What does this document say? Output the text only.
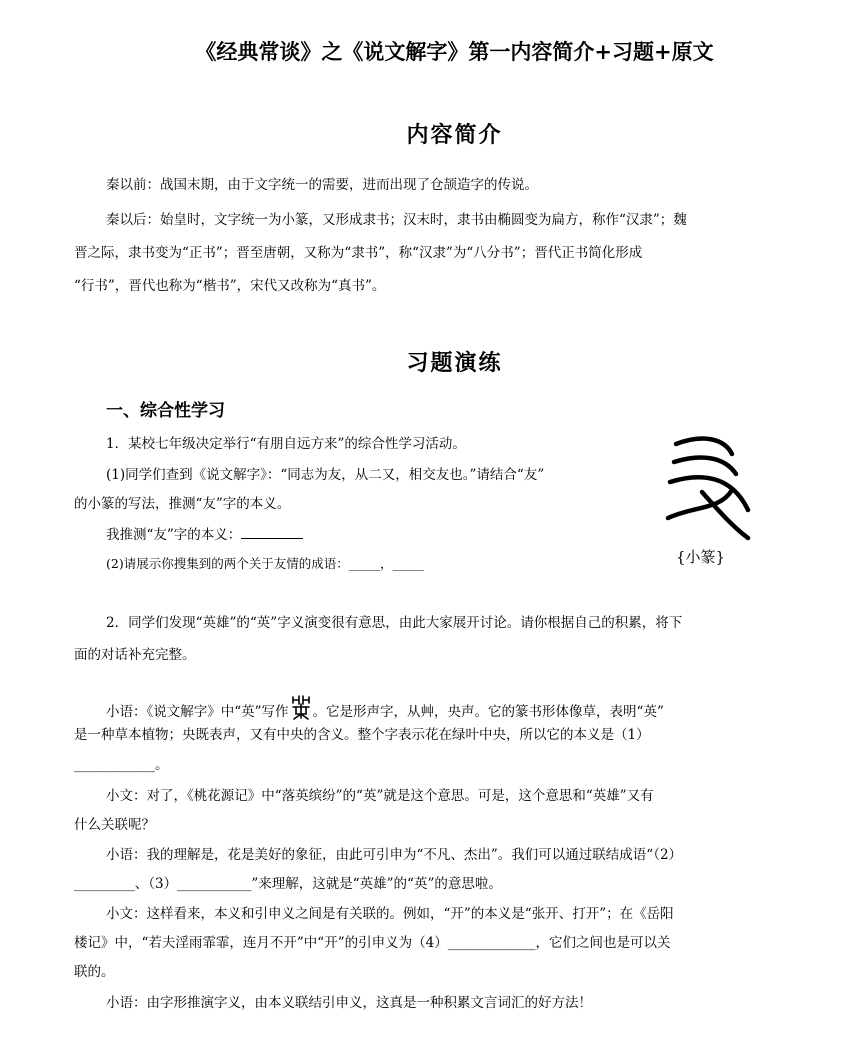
《经典常谈》之《说文解字》第一内容简介+习题+原文
内容简介
秦以前：战国末期，由于文字统一的需要，进而出现了仓颉造字的传说。
秦以后：始皇时，文字统一为小篆，又形成隶书；汉末时，隶书由椭圆变为扁方，称作“汉隶”；魏
晋之际，隶书变为“正书”；晋至唐朝，又称为“隶书”，称“汉隶”为“八分书”；晋代正书简化形成
“行书”，晋代也称为“楷书”，宋代又改称为“真书”。
习题演练
一、综合性学习
1．某校七年级决定举行“有朋自远方来”的综合性学习活动。
(1)同学们查到《说文解字》：“同志为友，从二又，相交友也。”请结合“友”
的小篆的写法，推测“友”字的本义。
我推测“友”字的本义：
(2)请展示你搜集到的两个关于友情的成语：_____，_____	{小篆}
2．同学们发现“英雄”的“英”字义演变很有意思，由此大家展开讨论。请你根据自己的积累，将下
面的对话补充完整。
小语：《说文解字》中“英”写作 。它是形声字，从艸，央声。它的篆书形体像草，表明“英”
是一种草本植物；央既表声，又有中央的含义。整个字表示花在绿叶中央，所以它的本义是（1）
____________。
小文：对了，《桃花源记》中“落英缤纷”的“英”就是这个意思。可是，这个意思和“英雄”又有
什么关联呢？
小语：我的理解是，花是美好的象征，由此可引申为“不凡、杰出”。我们可以通过联结成语“（2）
_________、（3）___________”来理解，这就是“英雄”的“英”的意思啦。
小文：这样看来，本义和引申义之间是有关联的。例如，“开”的本义是“张开、打开”；在《岳阳
楼记》中，“若夫淫雨霏霏，连月不开”中“开”的引申义为（4）_____________，它们之间也是可以关
联的。
小语：由字形推演字义，由本义联结引申义，这真是一种积累文言词汇的好方法！
